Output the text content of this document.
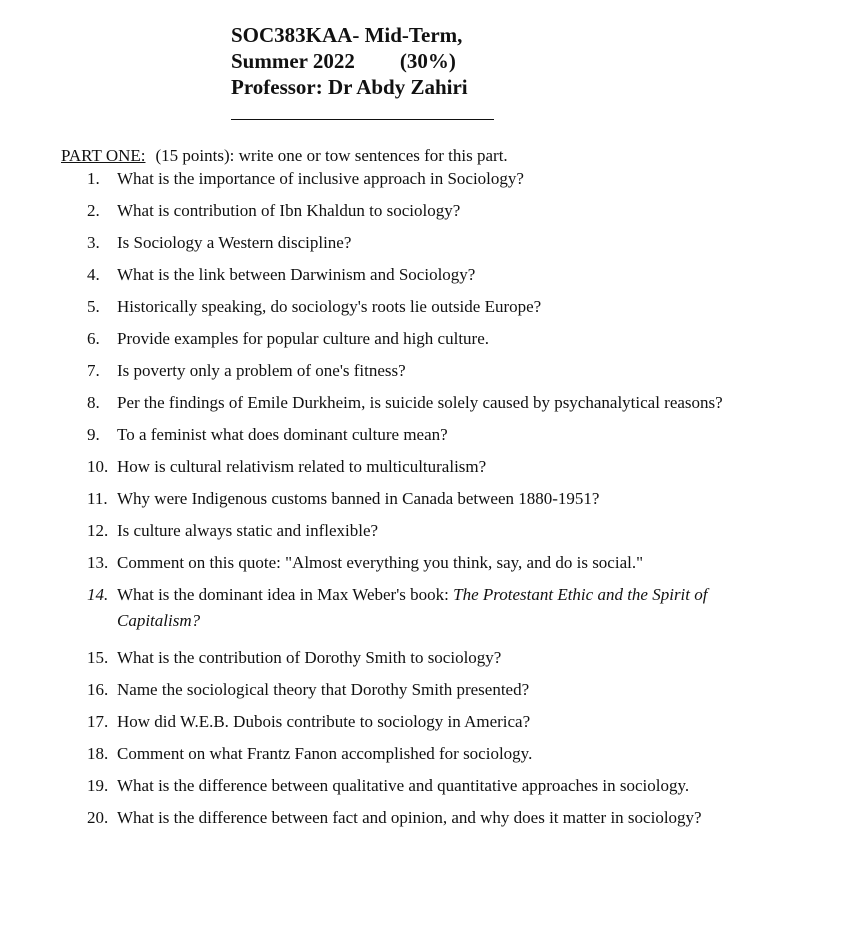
SOC383KAA- Mid-Term,
Summer 2022 (30%)
Professor: Dr Abdy Zahiri
PART ONE: (15 points): write one or tow sentences for this part.
1. What is the importance of inclusive approach in Sociology?
2. What is contribution of Ibn Khaldun to sociology?
3. Is Sociology a Western discipline?
4. What is the link between Darwinism and Sociology?
5. Historically speaking, do sociology's roots lie outside Europe?
6. Provide examples for popular culture and high culture.
7. Is poverty only a problem of one's fitness?
8. Per the findings of Emile Durkheim, is suicide solely caused by psychanalytical reasons?
9. To a feminist what does dominant culture mean?
10. How is cultural relativism related to multiculturalism?
11. Why were Indigenous customs banned in Canada between 1880-1951?
12. Is culture always static and inflexible?
13. Comment on this quote: "Almost everything you think, say, and do is social."
14. What is the dominant idea in Max Weber's book: The Protestant Ethic and the Spirit of
Capitalism?
15. What is the contribution of Dorothy Smith to sociology?
16. Name the sociological theory that Dorothy Smith presented?
17. How did W.E.B. Dubois contribute to sociology in America?
18. Comment on what Frantz Fanon accomplished for sociology.
19. What is the difference between qualitative and quantitative approaches in sociology.
20. What is the difference between fact and opinion, and why does it matter in sociology?
